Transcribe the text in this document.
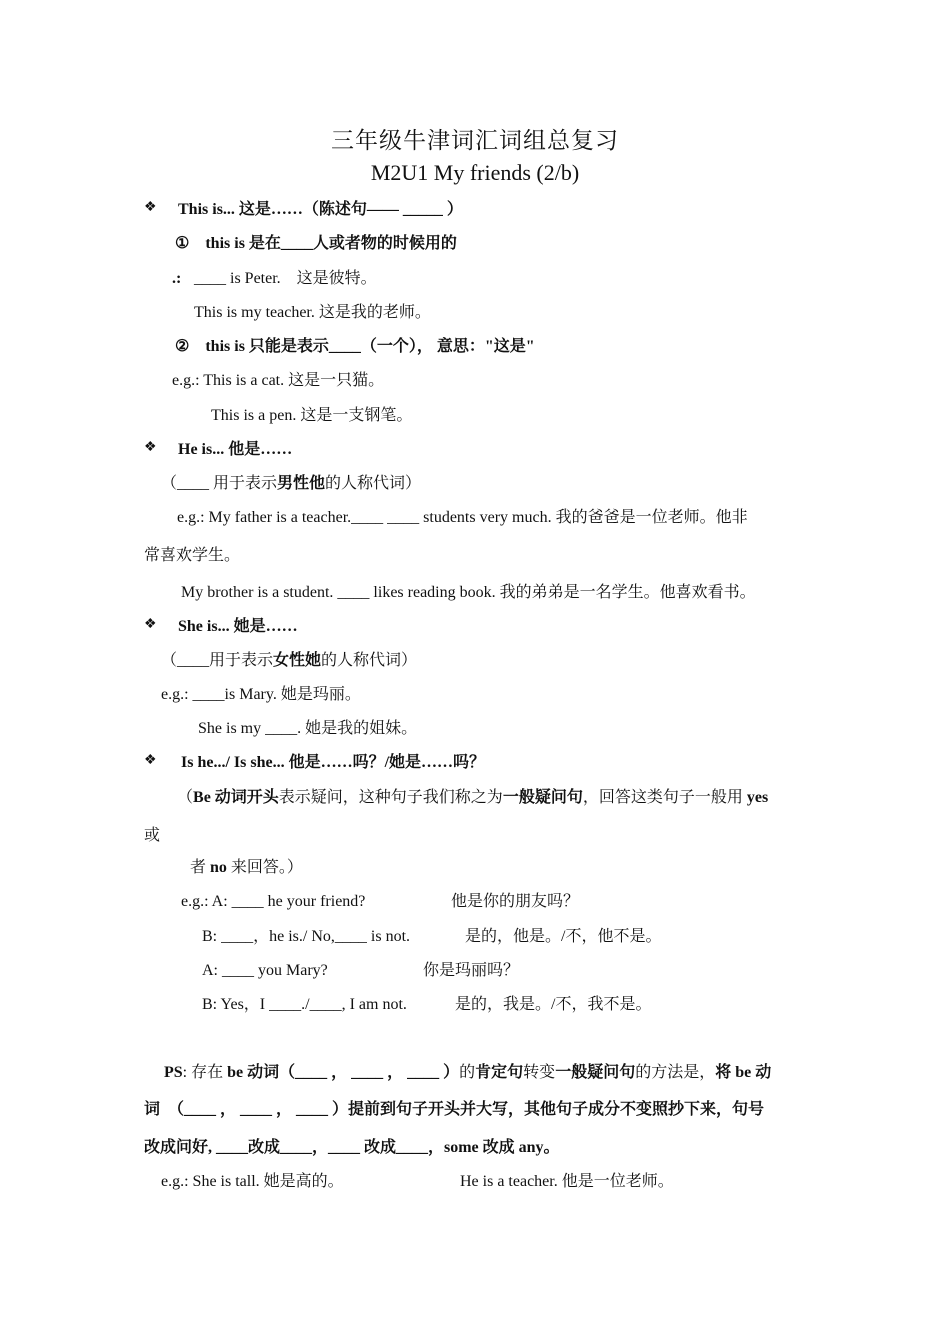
三年级牛津词汇词组总复习
M2U1 My friends (2/b)
❖ This is... 这是……（陈述句—— _____ ）
①　this is 是在____人或者物的时候用的
.: ____ is Peter.　这是彼特。
This is my teacher. 这是我的老师。
②　this is 只能是表示____（一个）， 意思："这是"
e.g.: This is a cat. 这是一只猫。
This is a pen. 这是一支钢笔。
❖ He is... 他是……
（____ 用于表示男性他的人称代词）
e.g.: My father is a teacher.____ ____ students very much. 我的爸爸是一位老师。他非
常喜欢学生。
My brother is a student. ____ likes reading book. 我的弟弟是一名学生。他喜欢看书。
❖ She is... 她是……
（____用于表示女性她的人称代词）
e.g.: ____is Mary. 她是玛丽。
She is my ____. 她是我的姐妹。
❖ Is he.../ Is she... 他是……吗？/她是……吗？
（Be 动词开头表示疑问，这种句子我们称之为一般疑问句，回答这类句子一般用 yes
或
者 no 来回答。）
e.g.: A: ____ he your friend?	他是你的朋友吗？
B: ____，he is./ No,____ is not.	是的，他是。/不，他不是。
A: ____ you Mary?	你是玛丽吗？
B: Yes，I ____./____, I am not.	是的，我是。/不，我不是。
PS: 存在 be 动词（____ ， ____ ， ____ ）的肯定句转变一般疑问句的方法是，将 be 动
词　（____ ， ____ ， ____ ）提前到句子开头并大写，其他句子成分不变照抄下来，句号
改成问好, ____改成____，____ 改成____，some 改成 any。
e.g.: She is tall. 她是高的。	He is a teacher. 他是一位老师。
